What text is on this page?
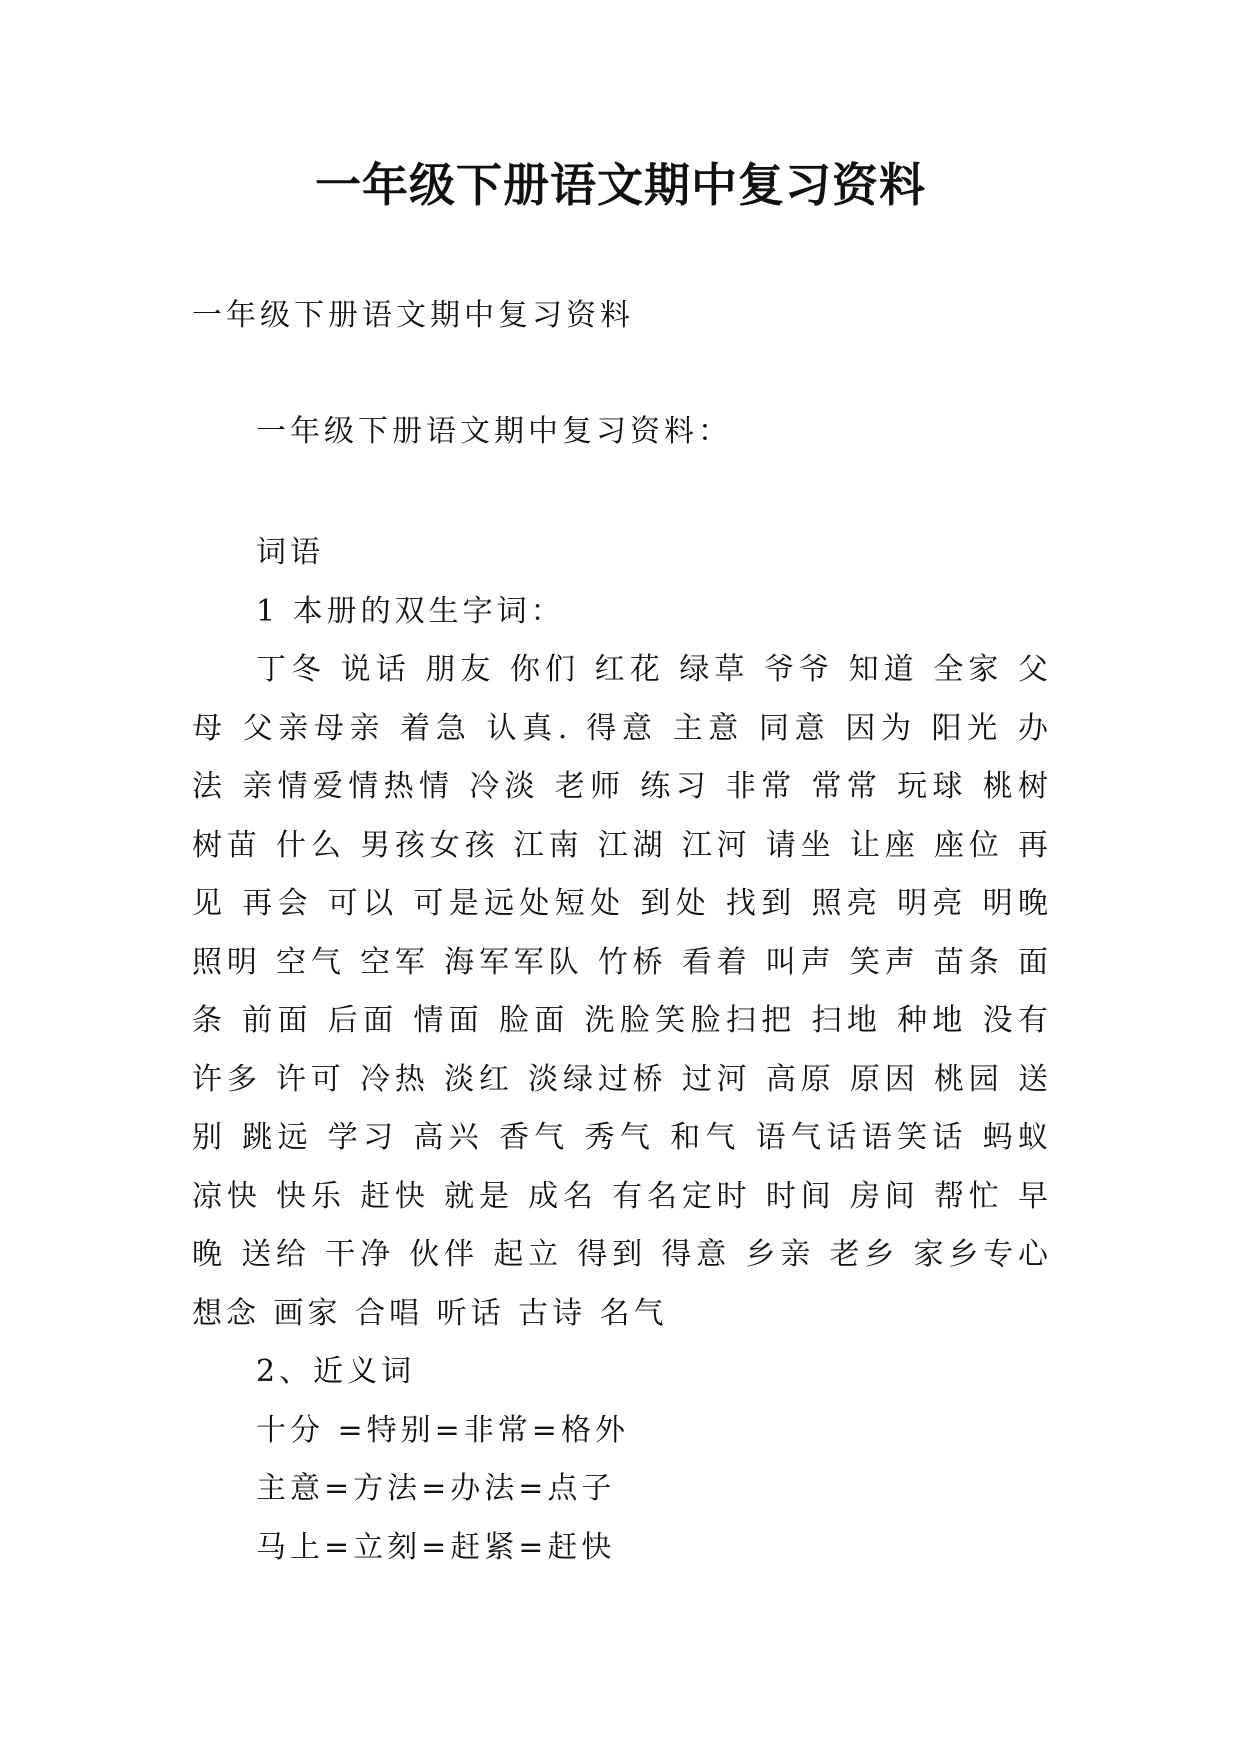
一年级下册语文期中复习资料

一年级下册语文期中复习资料

一年级下册语文期中复习资料：

词语

1 本册的双生字词：

丁冬 说话 朋友 你们 红花 绿草 爷爷 知道 全家 父

母 父亲母亲 着急 认真. 得意 主意 同意 因为 阳光 办

法 亲情爱情热情 冷淡 老师 练习 非常 常常 玩球 桃树

树苗 什么 男孩女孩 江南 江湖 江河 请坐 让座 座位 再

见 再会 可以 可是远处短处 到处 找到 照亮 明亮 明晚

照明 空气 空军 海军军队 竹桥 看着 叫声 笑声 苗条 面

条 前面 后面 情面 脸面 洗脸笑脸扫把 扫地 种地 没有

许多 许可 冷热 淡红 淡绿过桥 过河 高原 原因 桃园 送

别 跳远 学习 高兴 香气 秀气 和气 语气话语笑话 蚂蚁

凉快 快乐 赶快 就是 成名 有名定时 时间 房间 帮忙 早

晚 送给 干净 伙伴 起立 得到 得意 乡亲 老乡 家乡专心

想念 画家 合唱 听话 古诗 名气

2、近义词

十分 =特别=非常=格外

主意=方法=办法=点子

马上=立刻=赶紧=赶快
